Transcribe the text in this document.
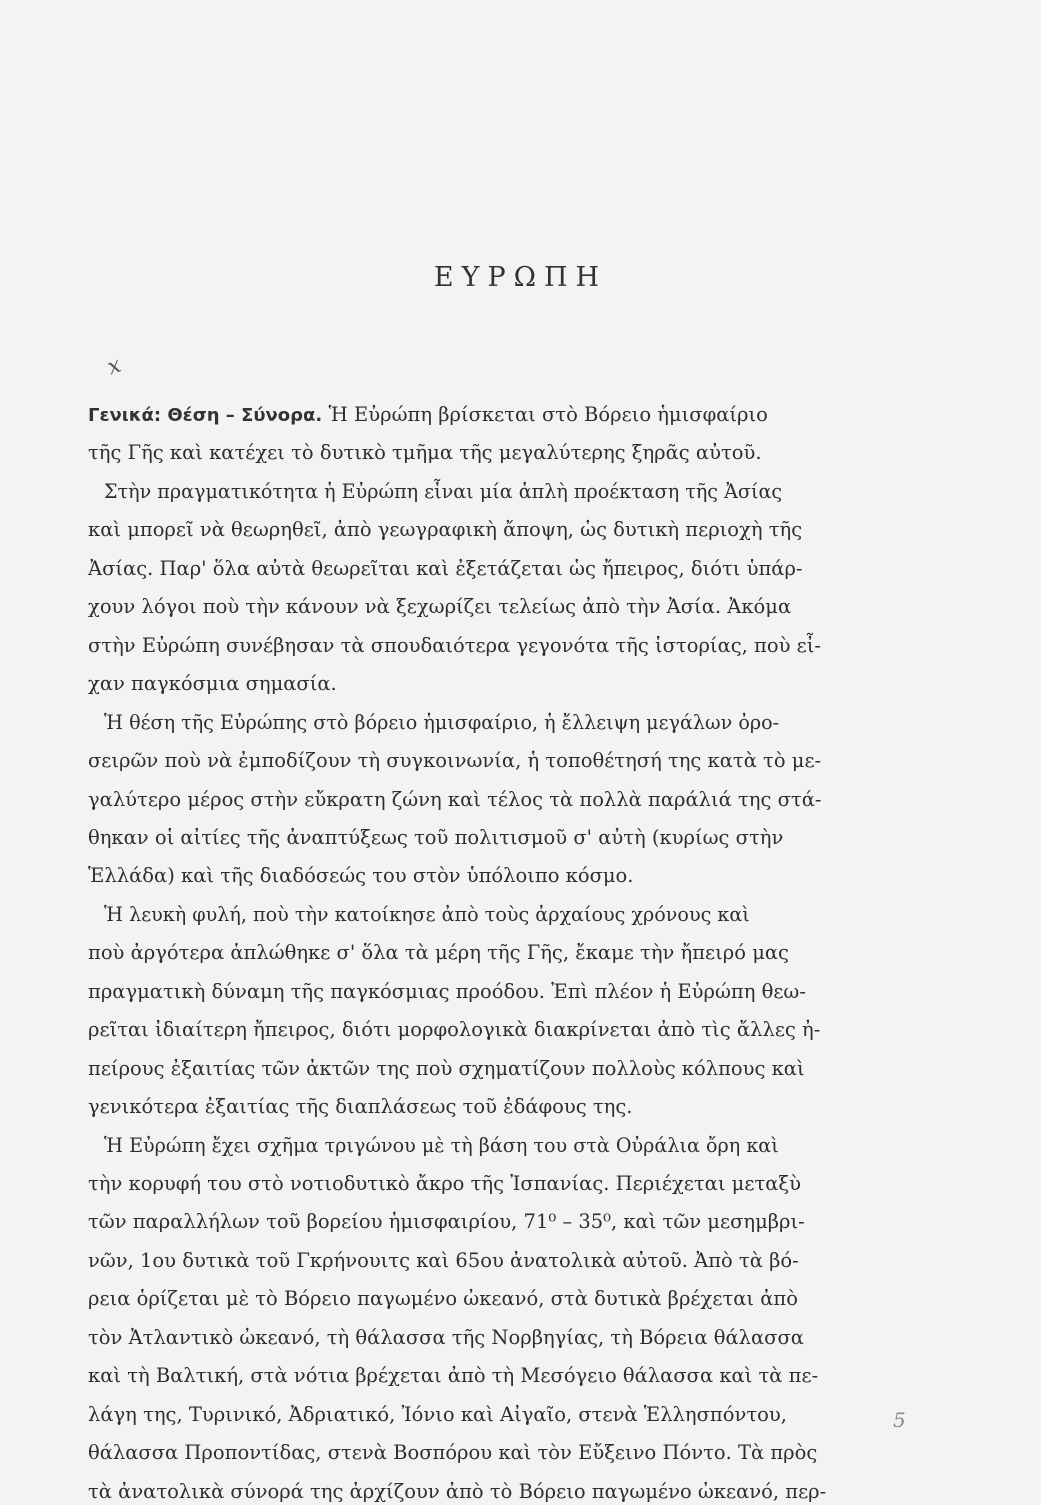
ΕΥΡΩΠΗ
x
Γενικά: Θέση – Σύνορα. Ἡ Εὐρώπη βρίσκεται στὸ Βόρειο ἡμισφαίριο
τῆς Γῆς καὶ κατέχει τὸ δυτικὸ τμῆμα τῆς μεγαλύτερης ξηρᾶς αὐτοῦ.
Στὴν πραγματικότητα ἡ Εὐρώπη εἶναι μία ἁπλὴ προέκταση τῆς Ἀσίας
καὶ μπορεῖ νὰ θεωρηθεῖ, ἀπὸ γεωγραφικὴ ἄποψη, ὡς δυτικὴ περιοχὴ τῆς
Ἀσίας. Παρ' ὅλα αὐτὰ θεωρεῖται καὶ ἐξετάζεται ὡς ἤπειρος, διότι ὑπάρ-
χουν λόγοι ποὺ τὴν κάνουν νὰ ξεχωρίζει τελείως ἀπὸ τὴν Ἀσία. Ἀκόμα
στὴν Εὐρώπη συνέβησαν τὰ σπουδαιότερα γεγονότα τῆς ἱστορίας, ποὺ εἶ-
χαν παγκόσμια σημασία.
Ἡ θέση τῆς Εὐρώπης στὸ βόρειο ἡμισφαίριο, ἡ ἔλλειψη μεγάλων ὀρο-
σειρῶν ποὺ νὰ ἐμποδίζουν τὴ συγκοινωνία, ἡ τοποθέτησή της κατὰ τὸ με-
γαλύτερο μέρος στὴν εὔκρατη ζώνη καὶ τέλος τὰ πολλὰ παράλιά της στά-
θηκαν οἱ αἰτίες τῆς ἀναπτύξεως τοῦ πολιτισμοῦ σ' αὐτὴ (κυρίως στὴν
Ἑλλάδα) καὶ τῆς διαδόσεώς του στὸν ὑπόλοιπο κόσμο.
Ἡ λευκὴ φυλή, ποὺ τὴν κατοίκησε ἀπὸ τοὺς ἀρχαίους χρόνους καὶ
ποὺ ἀργότερα ἁπλώθηκε σ' ὅλα τὰ μέρη τῆς Γῆς, ἔκαμε τὴν ἤπειρό μας
πραγματικὴ δύναμη τῆς παγκόσμιας προόδου. Ἐπὶ πλέον ἡ Εὐρώπη θεω-
ρεῖται ἰδιαίτερη ἤπειρος, διότι μορφολογικὰ διακρίνεται ἀπὸ τὶς ἄλλες ἠ-
πείρους ἐξαιτίας τῶν ἀκτῶν της ποὺ σχηματίζουν πολλοὺς κόλπους καὶ
γενικότερα ἐξαιτίας τῆς διαπλάσεως τοῦ ἐδάφους της.
Ἡ Εὐρώπη ἔχει σχῆμα τριγώνου μὲ τὴ βάση του στὰ Οὐράλια ὄρη καὶ
τὴν κορυφή του στὸ νοτιοδυτικὸ ἄκρο τῆς Ἰσπανίας. Περιέχεται μεταξὺ
τῶν παραλλήλων τοῦ βορείου ἡμισφαιρίου, 71⁰ – 35⁰, καὶ τῶν μεσημβρι-
νῶν, 1ου δυτικὰ τοῦ Γκρήνουιτς καὶ 65ου ἀνατολικὰ αὐτοῦ. Ἀπὸ τὰ βό-
ρεια ὁρίζεται μὲ τὸ Βόρειο παγωμένο ὠκεανό, στὰ δυτικὰ βρέχεται ἀπὸ
τὸν Ἀτλαντικὸ ὠκεανό, τὴ θάλασσα τῆς Νορβηγίας, τὴ Βόρεια θάλασσα
καὶ τὴ Βαλτική, στὰ νότια βρέχεται ἀπὸ τὴ Μεσόγειο θάλασσα καὶ τὰ πε-
λάγη της, Τυρινικό, Ἀδριατικό, Ἰόνιο καὶ Αἰγαῖο, στενὰ Ἑλλησπόντου,
θάλασσα Προποντίδας, στενὰ Βοσπόρου καὶ τὸν Εὔξεινο Πόντο. Τὰ πρὸς
τὰ ἀνατολικὰ σύνορά της ἀρχίζουν ἀπὸ τὸ Βόρειο παγωμένο ὠκεανό, περ-
5
